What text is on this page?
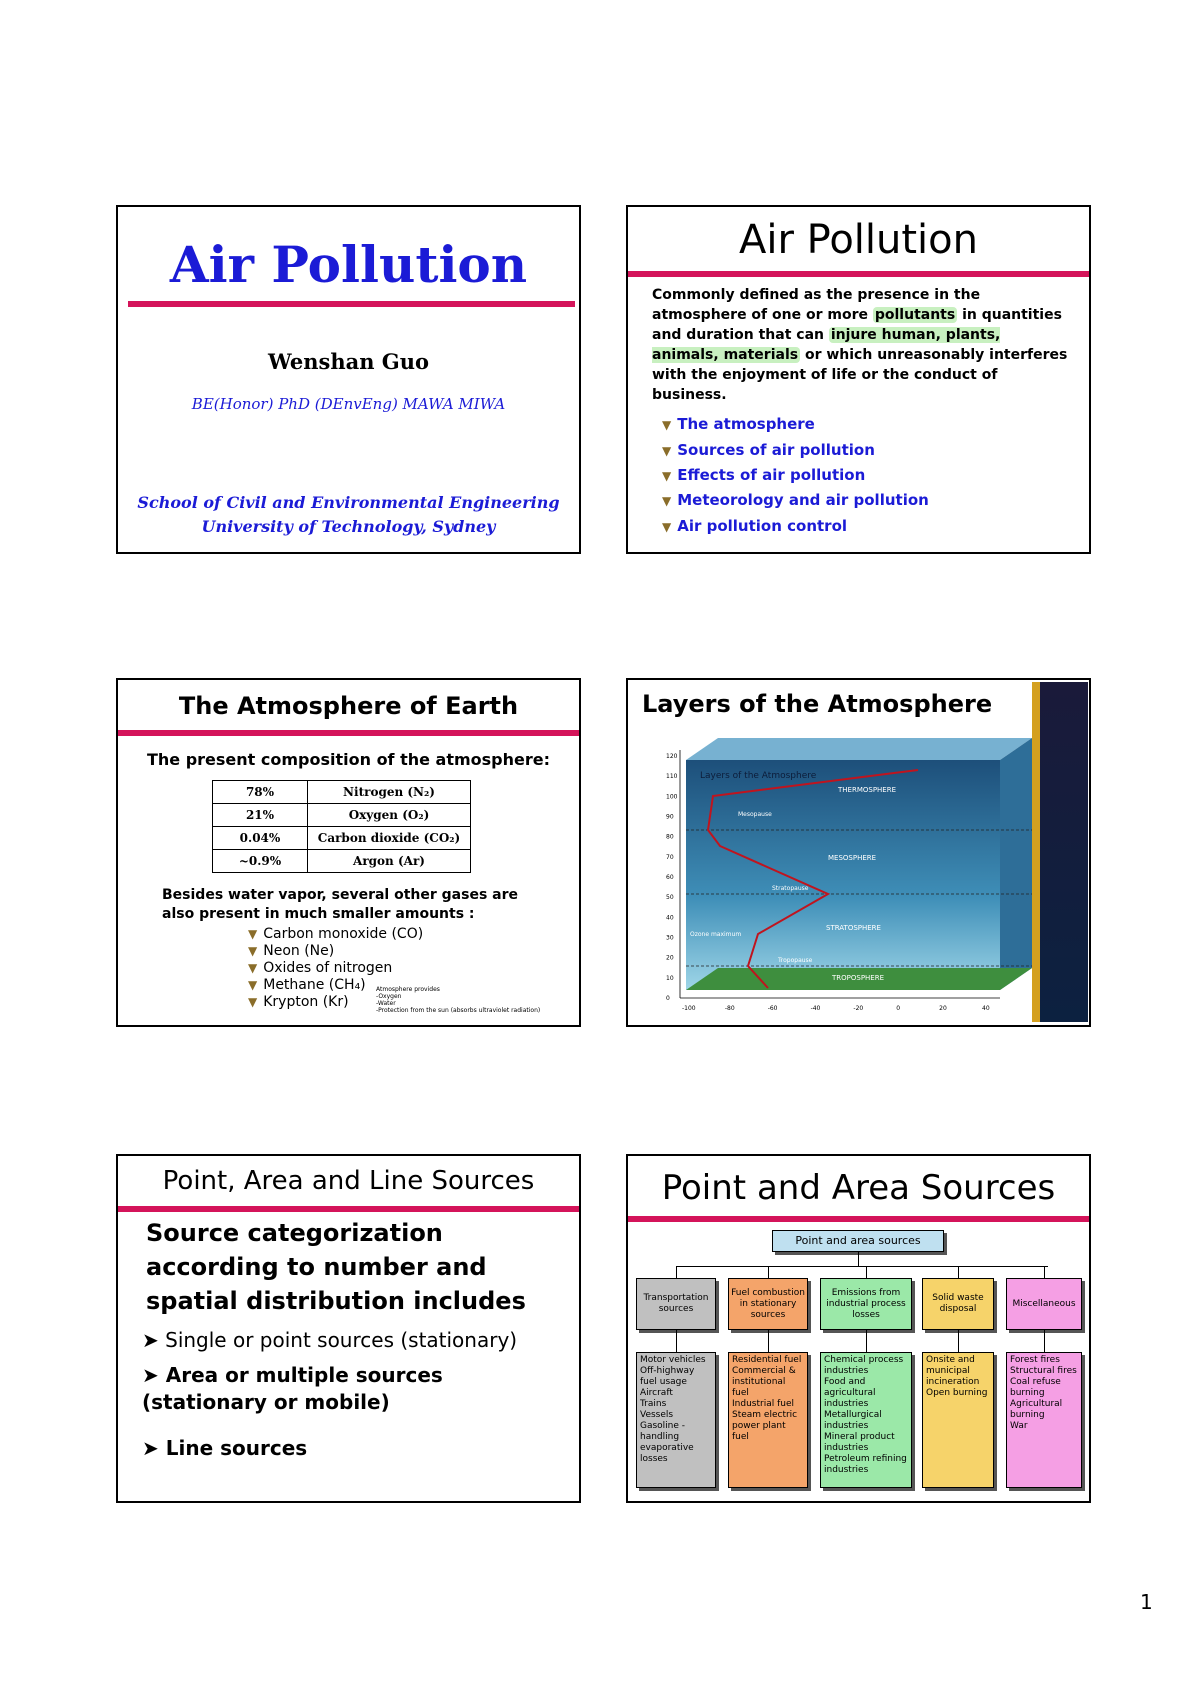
Air Pollution
Wenshan Guo
BE(Honor) PhD (DEnvEng) MAWA MIWA
School of Civil and Environmental Engineering
University of Technology, Sydney
Air Pollution
Commonly defined as the presence in the atmosphere of one or more pollutants in quantities and duration that can injure human, plants, animals, materials or which unreasonably interferes with the enjoyment of life or the conduct of business.
▼ The atmosphere
▼ Sources of air pollution
▼ Effects of air pollution
▼ Meteorology and air pollution
▼ Air pollution control
The Atmosphere of Earth
The present composition of the atmosphere:
78%	Nitrogen (N₂)
21%	Oxygen (O₂)
0.04%	Carbon dioxide (CO₂)
~0.9%	Argon (Ar)
Besides water vapor, several other gases are also present in much smaller amounts :
▼ Carbon monoxide (CO)
▼ Neon (Ne)
▼ Oxides of nitrogen
▼ Methane (CH₄)
▼ Krypton (Kr)
Atmosphere provides
-Oxygen
-Water
-Protection from the sun (absorbs ultraviolet radiation)
Layers of the Atmosphere
Layers of the Atmosphere
THERMOSPHERE
MESOSPHERE
STRATOSPHERE
TROPOSPHERE
Mesopause
Stratopause
Tropopause
Ozone maximum
120
110
100
90
80
70
60
50
40
30
20
10
0
-100	-80	-60	-40	-20	0	20	40
Point, Area and Line Sources
Source categorization according to number and spatial distribution includes
➤ Single or point sources (stationary)
➤ Area or multiple sources (stationary or mobile)
➤ Line sources
Point and Area Sources
Point and area sources
Transportation sources
Motor vehicles
Off-highway fuel usage
Aircraft
Trains
Vessels
Gasoline - handling evaporative losses
Fuel combustion in stationary sources
Residential fuel
Commercial & institutional fuel
Industrial fuel
Steam electric power plant fuel
Emissions from industrial process losses
Chemical process industries
Food and agricultural industries
Metallurgical industries
Mineral product industries
Petroleum refining industries
Solid waste disposal
Onsite and municipal incineration
Open burning
Miscellaneous
Forest fires
Structural fires
Coal refuse burning
Agricultural burning
War
1
